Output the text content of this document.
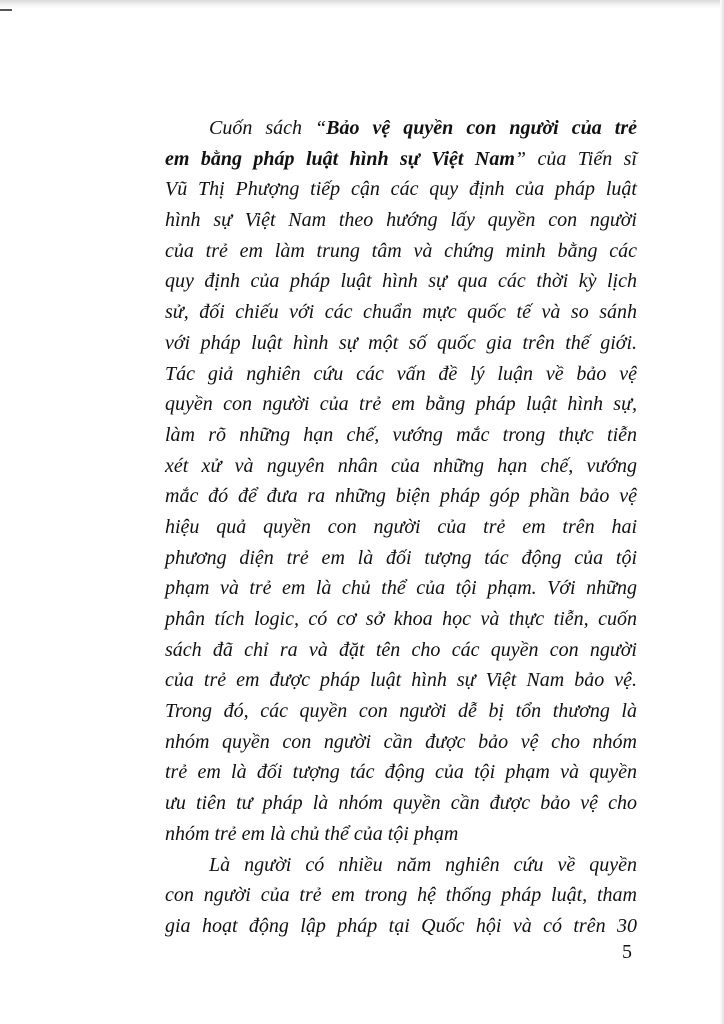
Cuốn sách “Bảo vệ quyền con người của trẻ
em bằng pháp luật hình sự Việt Nam” của Tiến sĩ
Vũ Thị Phượng tiếp cận các quy định của pháp luật
hình sự Việt Nam theo hướng lấy quyền con người
của trẻ em làm trung tâm và chứng minh bằng các
quy định của pháp luật hình sự qua các thời kỳ lịch
sử, đối chiếu với các chuẩn mực quốc tế và so sánh
với pháp luật hình sự một số quốc gia trên thế giới.
Tác giả nghiên cứu các vấn đề lý luận về bảo vệ
quyền con người của trẻ em bằng pháp luật hình sự,
làm rõ những hạn chế, vướng mắc trong thực tiễn
xét xử và nguyên nhân của những hạn chế, vướng
mắc đó để đưa ra những biện pháp góp phần bảo vệ
hiệu quả quyền con người của trẻ em trên hai
phương diện trẻ em là đối tượng tác động của tội
phạm và trẻ em là chủ thể của tội phạm. Với những
phân tích logic, có cơ sở khoa học và thực tiễn, cuốn
sách đã chỉ ra và đặt tên cho các quyền con người
của trẻ em được pháp luật hình sự Việt Nam bảo vệ.
Trong đó, các quyền con người dễ bị tổn thương là
nhóm quyền con người cần được bảo vệ cho nhóm
trẻ em là đối tượng tác động của tội phạm và quyền
ưu tiên tư pháp là nhóm quyền cần được bảo vệ cho
nhóm trẻ em là chủ thể của tội phạm
Là người có nhiều năm nghiên cứu về quyền
con người của trẻ em trong hệ thống pháp luật, tham
gia hoạt động lập pháp tại Quốc hội và có trên 30
5
